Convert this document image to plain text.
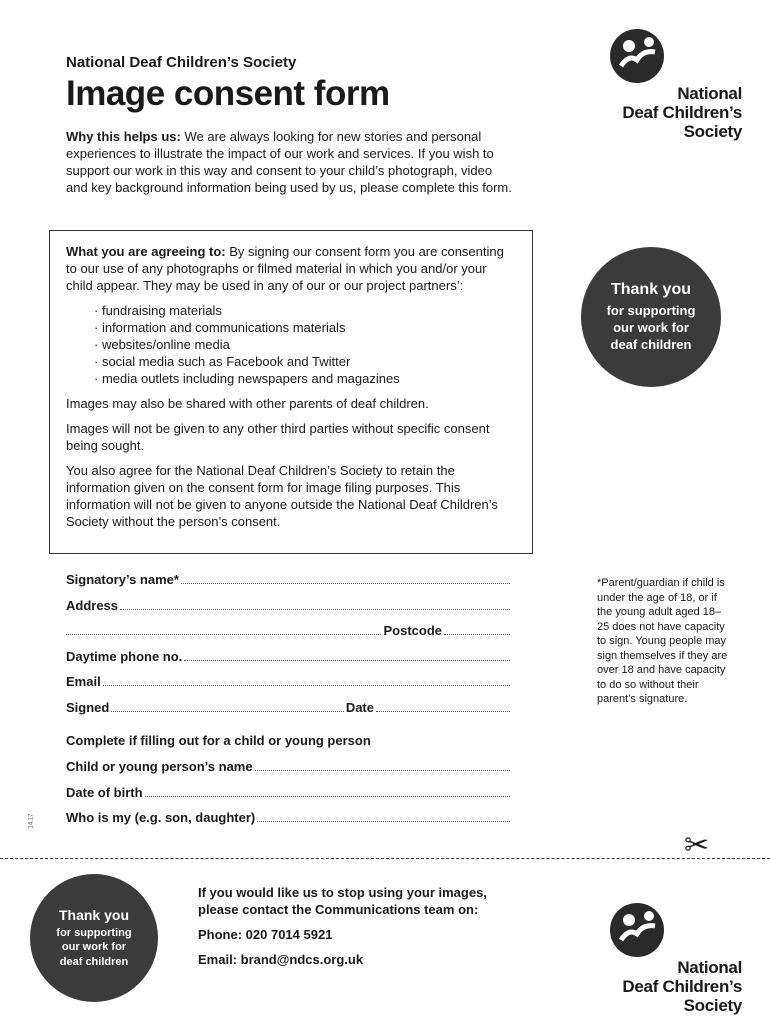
National Deaf Children’s Society
Image consent form
Why this helps us: We are always looking for new stories and personal experiences to illustrate the impact of our work and services. If you wish to support our work in this way and consent to your child’s photograph, video and key background information being used by us, please complete this form.
National
Deaf Children’s
Society

What you are agreeing to: By signing our consent form you are consenting to our use of any photographs or filmed material in which you and/or your child appear. They may be used in any of our or our project partners’:

· fundraising materials
· information and communications materials
· websites/online media
· social media such as Facebook and Twitter
· media outlets including newspapers and magazines

Images may also be shared with other parents of deaf children.

Images will not be given to any other third parties without specific consent being sought.

You also agree for the National Deaf Children’s Society to retain the information given on the consent form for image filing purposes. This information will not be given to anyone outside the National Deaf Children’s Society without the person’s consent.

Thank you
for supporting
our work for
deaf children
Signatory’s name*
Address
Postcode
Daytime phone no.
Email
Signed	Date
Complete if filling out for a child or young person
Child or young person’s name
Date of birth
Who is my (e.g. son, daughter)
*Parent/guardian if child is under the age of 18, or if the young adult aged 18–25 does not have capacity to sign. Young people may sign themselves if they are over 18 and have capacity to do so without their parent’s signature.
14.17
✂
Thank you
for supporting
our work for
deaf children
If you would like us to stop using your images, please contact the Communications team on:
Phone: 020 7014 5921
Email: brand@ndcs.org.uk	National
Deaf Children’s
Society
